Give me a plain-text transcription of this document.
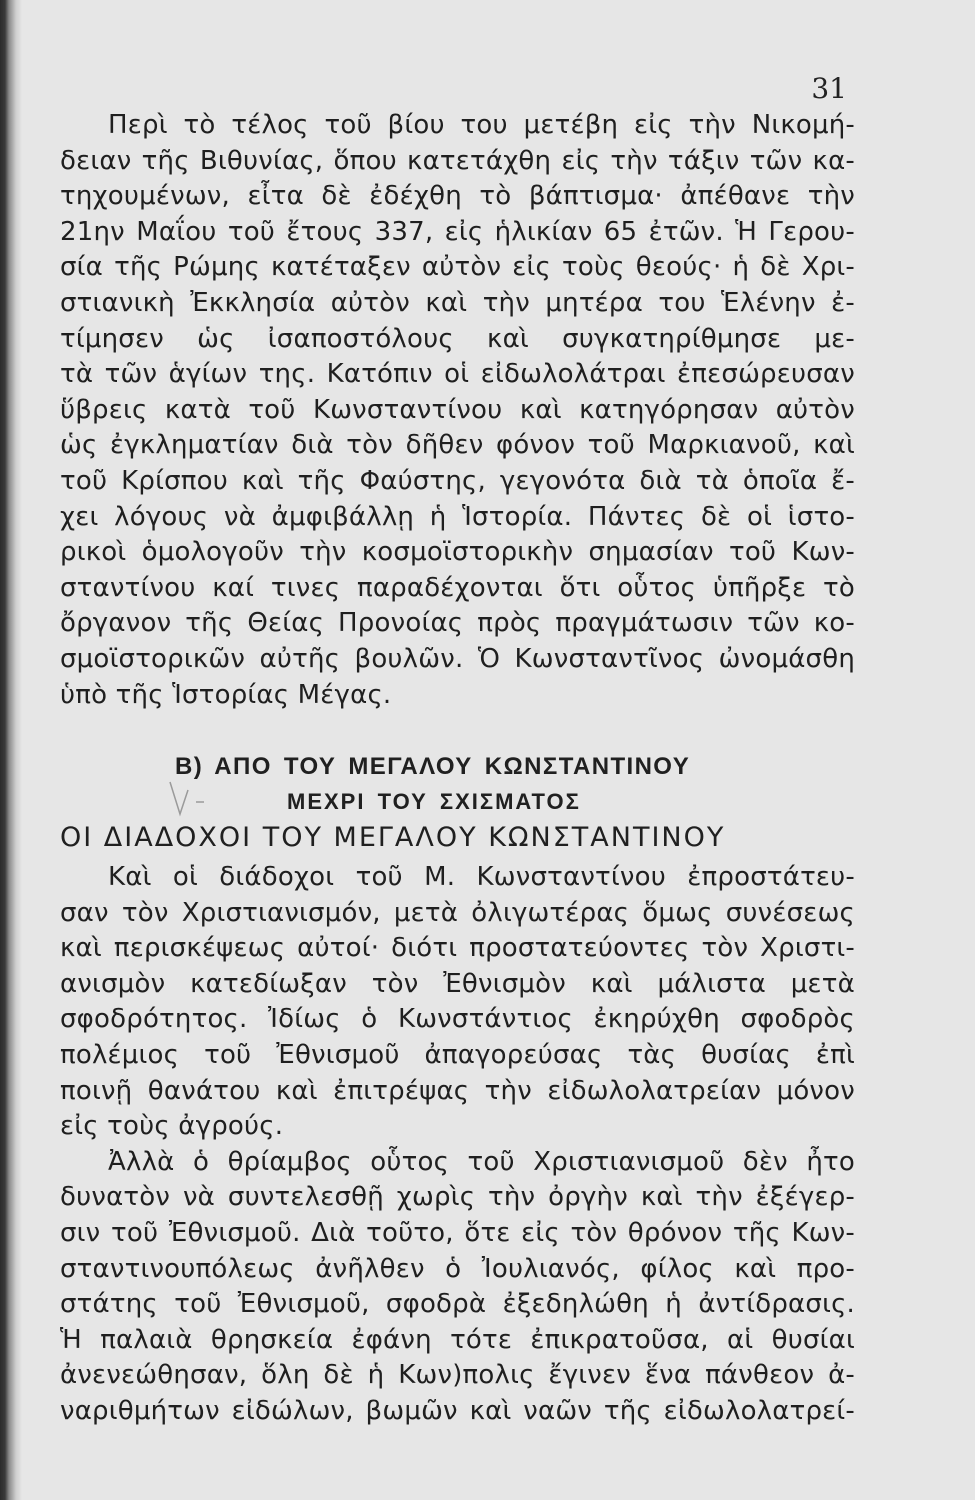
31
Περὶ τὸ τέλος τοῦ βίου του μετέβη εἰς τὴν Νικομή-
δειαν τῆς Βιθυνίας, ὅπου κατετάχθη εἰς τὴν τάξιν τῶν κα-
τηχουμένων, εἶτα δὲ ἐδέχθη τὸ βάπτισμα· ἀπέθανε τὴν
21ην Μαΐου τοῦ ἔτους 337, εἰς ἡλικίαν 65 ἐτῶν. Ἡ Γερου-
σία τῆς Ρώμης κατέταξεν αὐτὸν εἰς τοὺς θεούς· ἡ δὲ Χρι-
στιανικὴ Ἐκκλησία αὐτὸν καὶ τὴν μητέρα του Ἑλένην ἐ-
τίμησεν ὡς ἰσαποστόλους καὶ συγκατηρίθμησε με-
τὰ τῶν ἁγίων της. Κατόπιν οἱ εἰδωλολάτραι ἐπεσώρευσαν
ὕβρεις κατὰ τοῦ Κωνσταντίνου καὶ κατηγόρησαν αὐτὸν
ὡς ἐγκληματίαν διὰ τὸν δῆθεν φόνον τοῦ Μαρκιανοῦ, καὶ
τοῦ Κρίσπου καὶ τῆς Φαύστης, γεγονότα διὰ τὰ ὁποῖα ἔ-
χει λόγους νὰ ἀμφιβάλλῃ ἡ Ἱστορία. Πάντες δὲ οἱ ἱστο-
ρικοὶ ὁμολογοῦν τὴν κοσμοϊστορικὴν σημασίαν τοῦ Κων-
σταντίνου καί τινες παραδέχονται ὅτι οὗτος ὑπῆρξε τὸ
ὄργανον τῆς Θείας Προνοίας πρὸς πραγμάτωσιν τῶν κο-
σμοϊστορικῶν αὐτῆς βουλῶν. Ὁ Κωνσταντῖνος ὠνομάσθη
ὑπὸ τῆς Ἱστορίας Μέγας.
Β) ΑΠΟ ΤΟΥ ΜΕΓΑΛΟΥ ΚΩΝΣΤΑΝΤΙΝΟΥ
ΜΕΧΡΙ ΤΟΥ ΣΧΙΣΜΑΤΟΣ
ΟΙ ΔΙΑΔΟΧΟΙ ΤΟΥ ΜΕΓΑΛΟΥ ΚΩΝΣΤΑΝΤΙΝΟΥ
Καὶ οἱ διάδοχοι τοῦ Μ. Κωνσταντίνου ἐπροστάτευ-
σαν τὸν Χριστιανισμόν, μετὰ ὀλιγωτέρας ὅμως συνέσεως
καὶ περισκέψεως αὐτοί· διότι προστατεύοντες τὸν Χριστι-
ανισμὸν κατεδίωξαν τὸν Ἐθνισμὸν καὶ μάλιστα μετὰ
σφοδρότητος. Ἰδίως ὁ Κωνστάντιος ἐκηρύχθη σφοδρὸς
πολέμιος τοῦ Ἐθνισμοῦ ἀπαγορεύσας τὰς θυσίας ἐπὶ
ποινῇ θανάτου καὶ ἐπιτρέψας τὴν εἰδωλολατρείαν μόνον
εἰς τοὺς ἀγρούς.
Ἀλλὰ ὁ θρίαμβος οὗτος τοῦ Χριστιανισμοῦ δὲν ἦτο
δυνατὸν νὰ συντελεσθῇ χωρὶς τὴν ὀργὴν καὶ τὴν ἐξέγερ-
σιν τοῦ Ἐθνισμοῦ. Διὰ τοῦτο, ὅτε εἰς τὸν θρόνον τῆς Κων-
σταντινουπόλεως ἀνῆλθεν ὁ Ἰουλιανός, φίλος καὶ προ-
στάτης τοῦ Ἐθνισμοῦ, σφοδρὰ ἐξεδηλώθη ἡ ἀντίδρασις.
Ἡ παλαιὰ θρησκεία ἐφάνη τότε ἐπικρατοῦσα, αἱ θυσίαι
ἀνενεώθησαν, ὅλη δὲ ἡ Κων)πολις ἔγινεν ἕνα πάνθεον ἀ-
ναριθμήτων εἰδώλων, βωμῶν καὶ ναῶν τῆς εἰδωλολατρεί-
